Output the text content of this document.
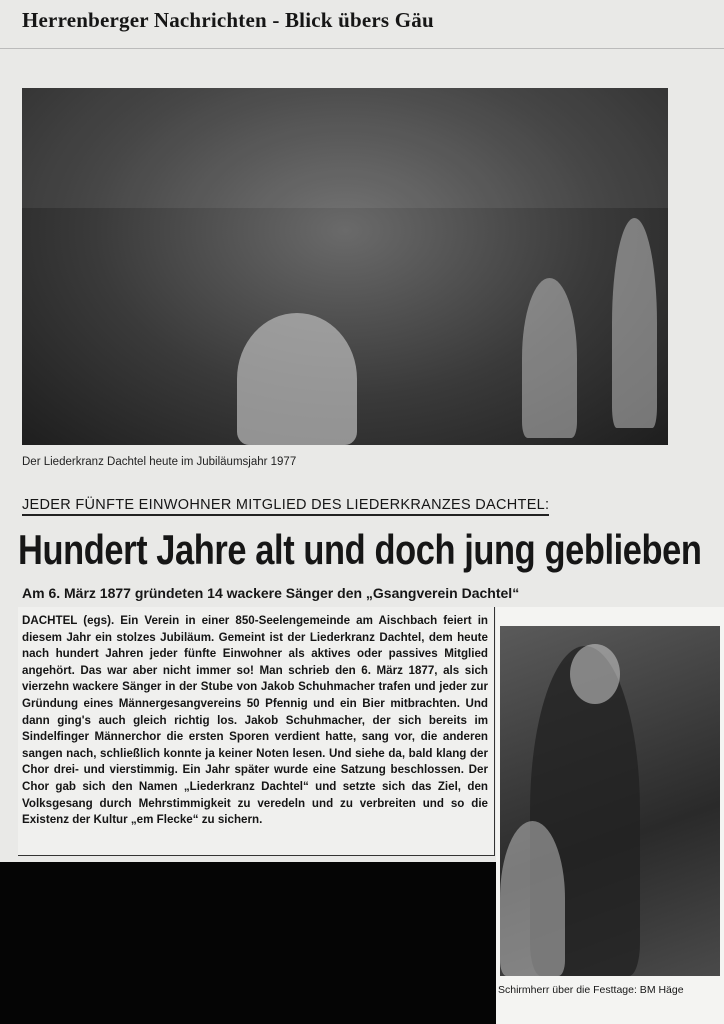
Herrenberger Nachrichten - Blick übers Gäu
Der Liederkranz Dachtel heute im Jubiläumsjahr 1977
JEDER FÜNFTE EINWOHNER MITGLIED DES LIEDERKRANZES DACHTEL:
Hundert Jahre alt und doch jung geblieben
Am 6. März 1877 gründeten 14 wackere Sänger den „Gsangverein Dachtel“
DACHTEL (egs). Ein Verein in einer 850-Seelengemeinde am Aischbach feiert in diesem Jahr ein stolzes Jubiläum. Gemeint ist der Liederkranz Dachtel, dem heute nach hundert Jahren jeder fünfte Einwohner als aktives oder passives Mitglied angehört. Das war aber nicht immer so! Man schrieb den 6. März 1877, als sich vierzehn wackere Sänger in der Stube von Jakob Schuhmacher trafen und jeder zur Gründung eines Männergesangvereins 50 Pfennig und ein Bier mitbrachten. Und dann ging's auch gleich richtig los. Jakob Schuhmacher, der sich bereits im Sindelfinger Männerchor die ersten Sporen verdient hatte, sang vor, die anderen sangen nach, schließlich konnte ja keiner Noten lesen. Und siehe da, bald klang der Chor drei- und vierstimmig. Ein Jahr später wurde eine Satzung beschlossen. Der Chor gab sich den Namen „Liederkranz Dachtel“ und setzte sich das Ziel, den Volksgesang durch Mehrstimmigkeit zu veredeln und zu verbreiten und so die Existenz der Kultur „em Flecke“ zu sichern.
Schirmherr über die Festtage: BM Häge
